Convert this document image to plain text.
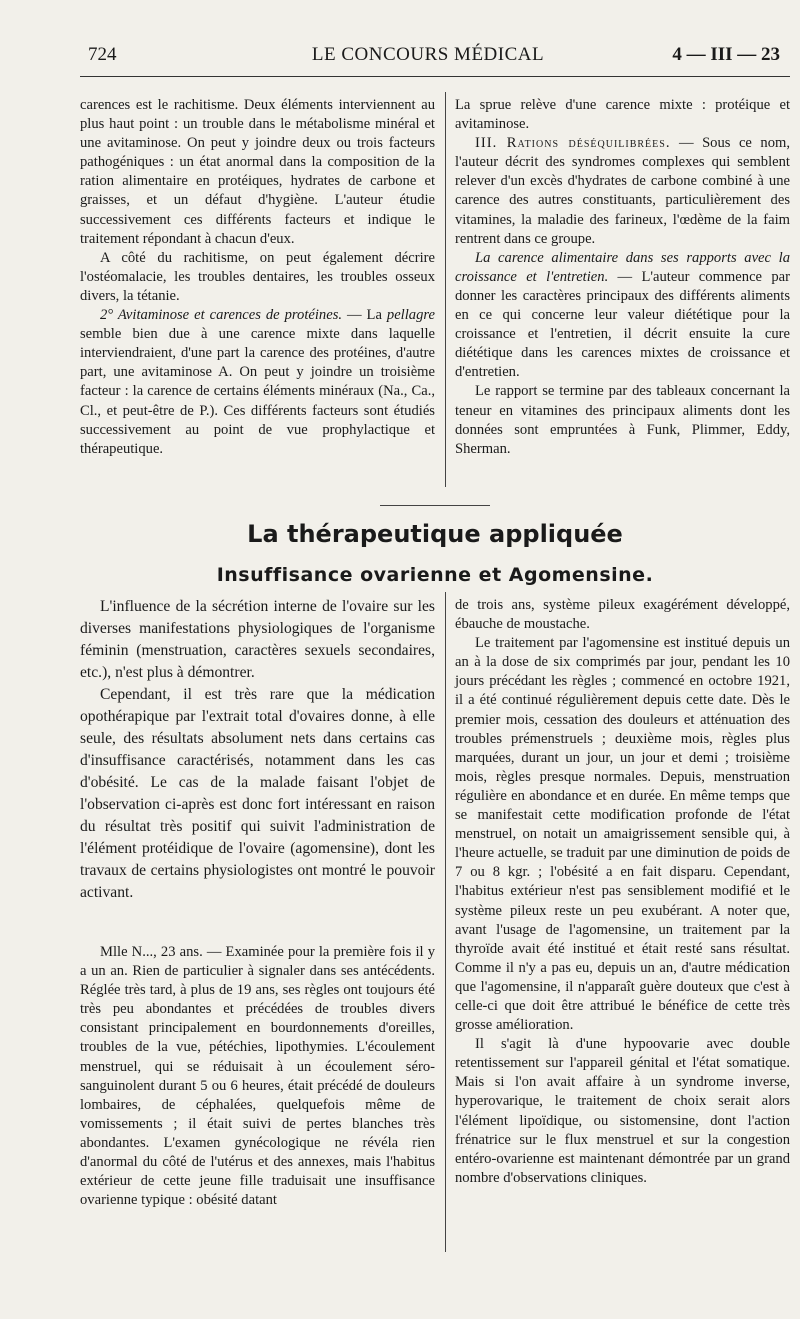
724	LE CONCOURS MÉDICAL	4 — III — 23

carences est le rachitisme. Deux éléments interviennent au plus haut point : un trouble dans le métabolisme minéral et une avitaminose. On peut y joindre deux ou trois facteurs pathogéniques : un état anormal dans la composition de la ration alimentaire en protéiques, hydrates de carbone et graisses, et un défaut d'hygiène. L'auteur étudie successivement ces différents facteurs et indique le traitement répondant à chacun d'eux.

A côté du rachitisme, on peut également décrire l'ostéomalacie, les troubles dentaires, les troubles osseux divers, la tétanie.

2° Avitaminose et carences de protéines. — La pellagre semble bien due à une carence mixte dans laquelle interviendraient, d'une part la carence des protéines, d'autre part, une avitaminose A. On peut y joindre un troisième facteur : la carence de certains éléments minéraux (Na., Ca., Cl., et peut-être de P.). Ces différents facteurs sont étudiés successivement au point de vue prophylactique et thérapeutique.

La sprue relève d'une carence mixte : protéique et avitaminose.

III. Rations déséquilibrées. — Sous ce nom, l'auteur décrit des syndromes complexes qui semblent relever d'un excès d'hydrates de carbone combiné à une carence des autres constituants, particulièrement des vitamines, la maladie des farineux, l'œdème de la faim rentrent dans ce groupe.

La carence alimentaire dans ses rapports avec la croissance et l'entretien. — L'auteur commence par donner les caractères principaux des différents aliments en ce qui concerne leur valeur diététique pour la croissance et l'entretien, il décrit ensuite la cure diététique dans les carences mixtes de croissance et d'entretien.

Le rapport se termine par des tableaux concernant la teneur en vitamines des principaux aliments dont les données sont empruntées à Funk, Plimmer, Eddy, Sherman.

La thérapeutique appliquée
Insuffisance ovarienne et Agomensine.

L'influence de la sécrétion interne de l'ovaire sur les diverses manifestations physiologiques de l'organisme féminin (menstruation, caractères sexuels secondaires, etc.), n'est plus à démontrer.

Cependant, il est très rare que la médication opothérapique par l'extrait total d'ovaires donne, à elle seule, des résultats absolument nets dans certains cas d'insuffisance caractérisés, notamment dans les cas d'obésité. Le cas de la malade faisant l'objet de l'observation ci-après est donc fort intéressant en raison du résultat très positif qui suivit l'administration de l'élément protéidique de l'ovaire (agomensine), dont les travaux de certains physiologistes ont montré le pouvoir activant.

Mlle N..., 23 ans. — Examinée pour la première fois il y a un an. Rien de particulier à signaler dans ses antécédents. Réglée très tard, à plus de 19 ans, ses règles ont toujours été très peu abondantes et précédées de troubles divers consistant principalement en bourdonnements d'oreilles, troubles de la vue, pétéchies, lipothymies. L'écoulement menstruel, qui se réduisait à un écoulement séro-sanguinolent durant 5 ou 6 heures, était précédé de douleurs lombaires, de céphalées, quelquefois même de vomissements ; il était suivi de pertes blanches très abondantes. L'examen gynécologique ne révéla rien d'anormal du côté de l'utérus et des annexes, mais l'habitus extérieur de cette jeune fille traduisait une insuffisance ovarienne typique : obésité datant

de trois ans, système pileux exagérément développé, ébauche de moustache.

Le traitement par l'agomensine est institué depuis un an à la dose de six comprimés par jour, pendant les 10 jours précédant les règles ; commencé en octobre 1921, il a été continué régulièrement depuis cette date. Dès le premier mois, cessation des douleurs et atténuation des troubles prémenstruels ; deuxième mois, règles plus marquées, durant un jour, un jour et demi ; troisième mois, règles presque normales. Depuis, menstruation régulière en abondance et en durée. En même temps que se manifestait cette modification profonde de l'état menstruel, on notait un amaigrissement sensible qui, à l'heure actuelle, se traduit par une diminution de poids de 7 ou 8 kgr. ; l'obésité a en fait disparu. Cependant, l'habitus extérieur n'est pas sensiblement modifié et le système pileux reste un peu exubérant. A noter que, avant l'usage de l'agomensine, un traitement par la thyroïde avait été institué et était resté sans résultat. Comme il n'y a pas eu, depuis un an, d'autre médication que l'agomensine, il n'apparaît guère douteux que c'est à celle-ci que doit être attribué le bénéfice de cette très grosse amélioration.

Il s'agit là d'une hypoovarie avec double retentissement sur l'appareil génital et l'état somatique. Mais si l'on avait affaire à un syndrome inverse, hyperovarique, le traitement de choix serait alors l'élément lipoïdique, ou sistomensine, dont l'action frénatrice sur le flux menstruel et sur la congestion entéro-ovarienne est maintenant démontrée par un grand nombre d'observations cliniques.
